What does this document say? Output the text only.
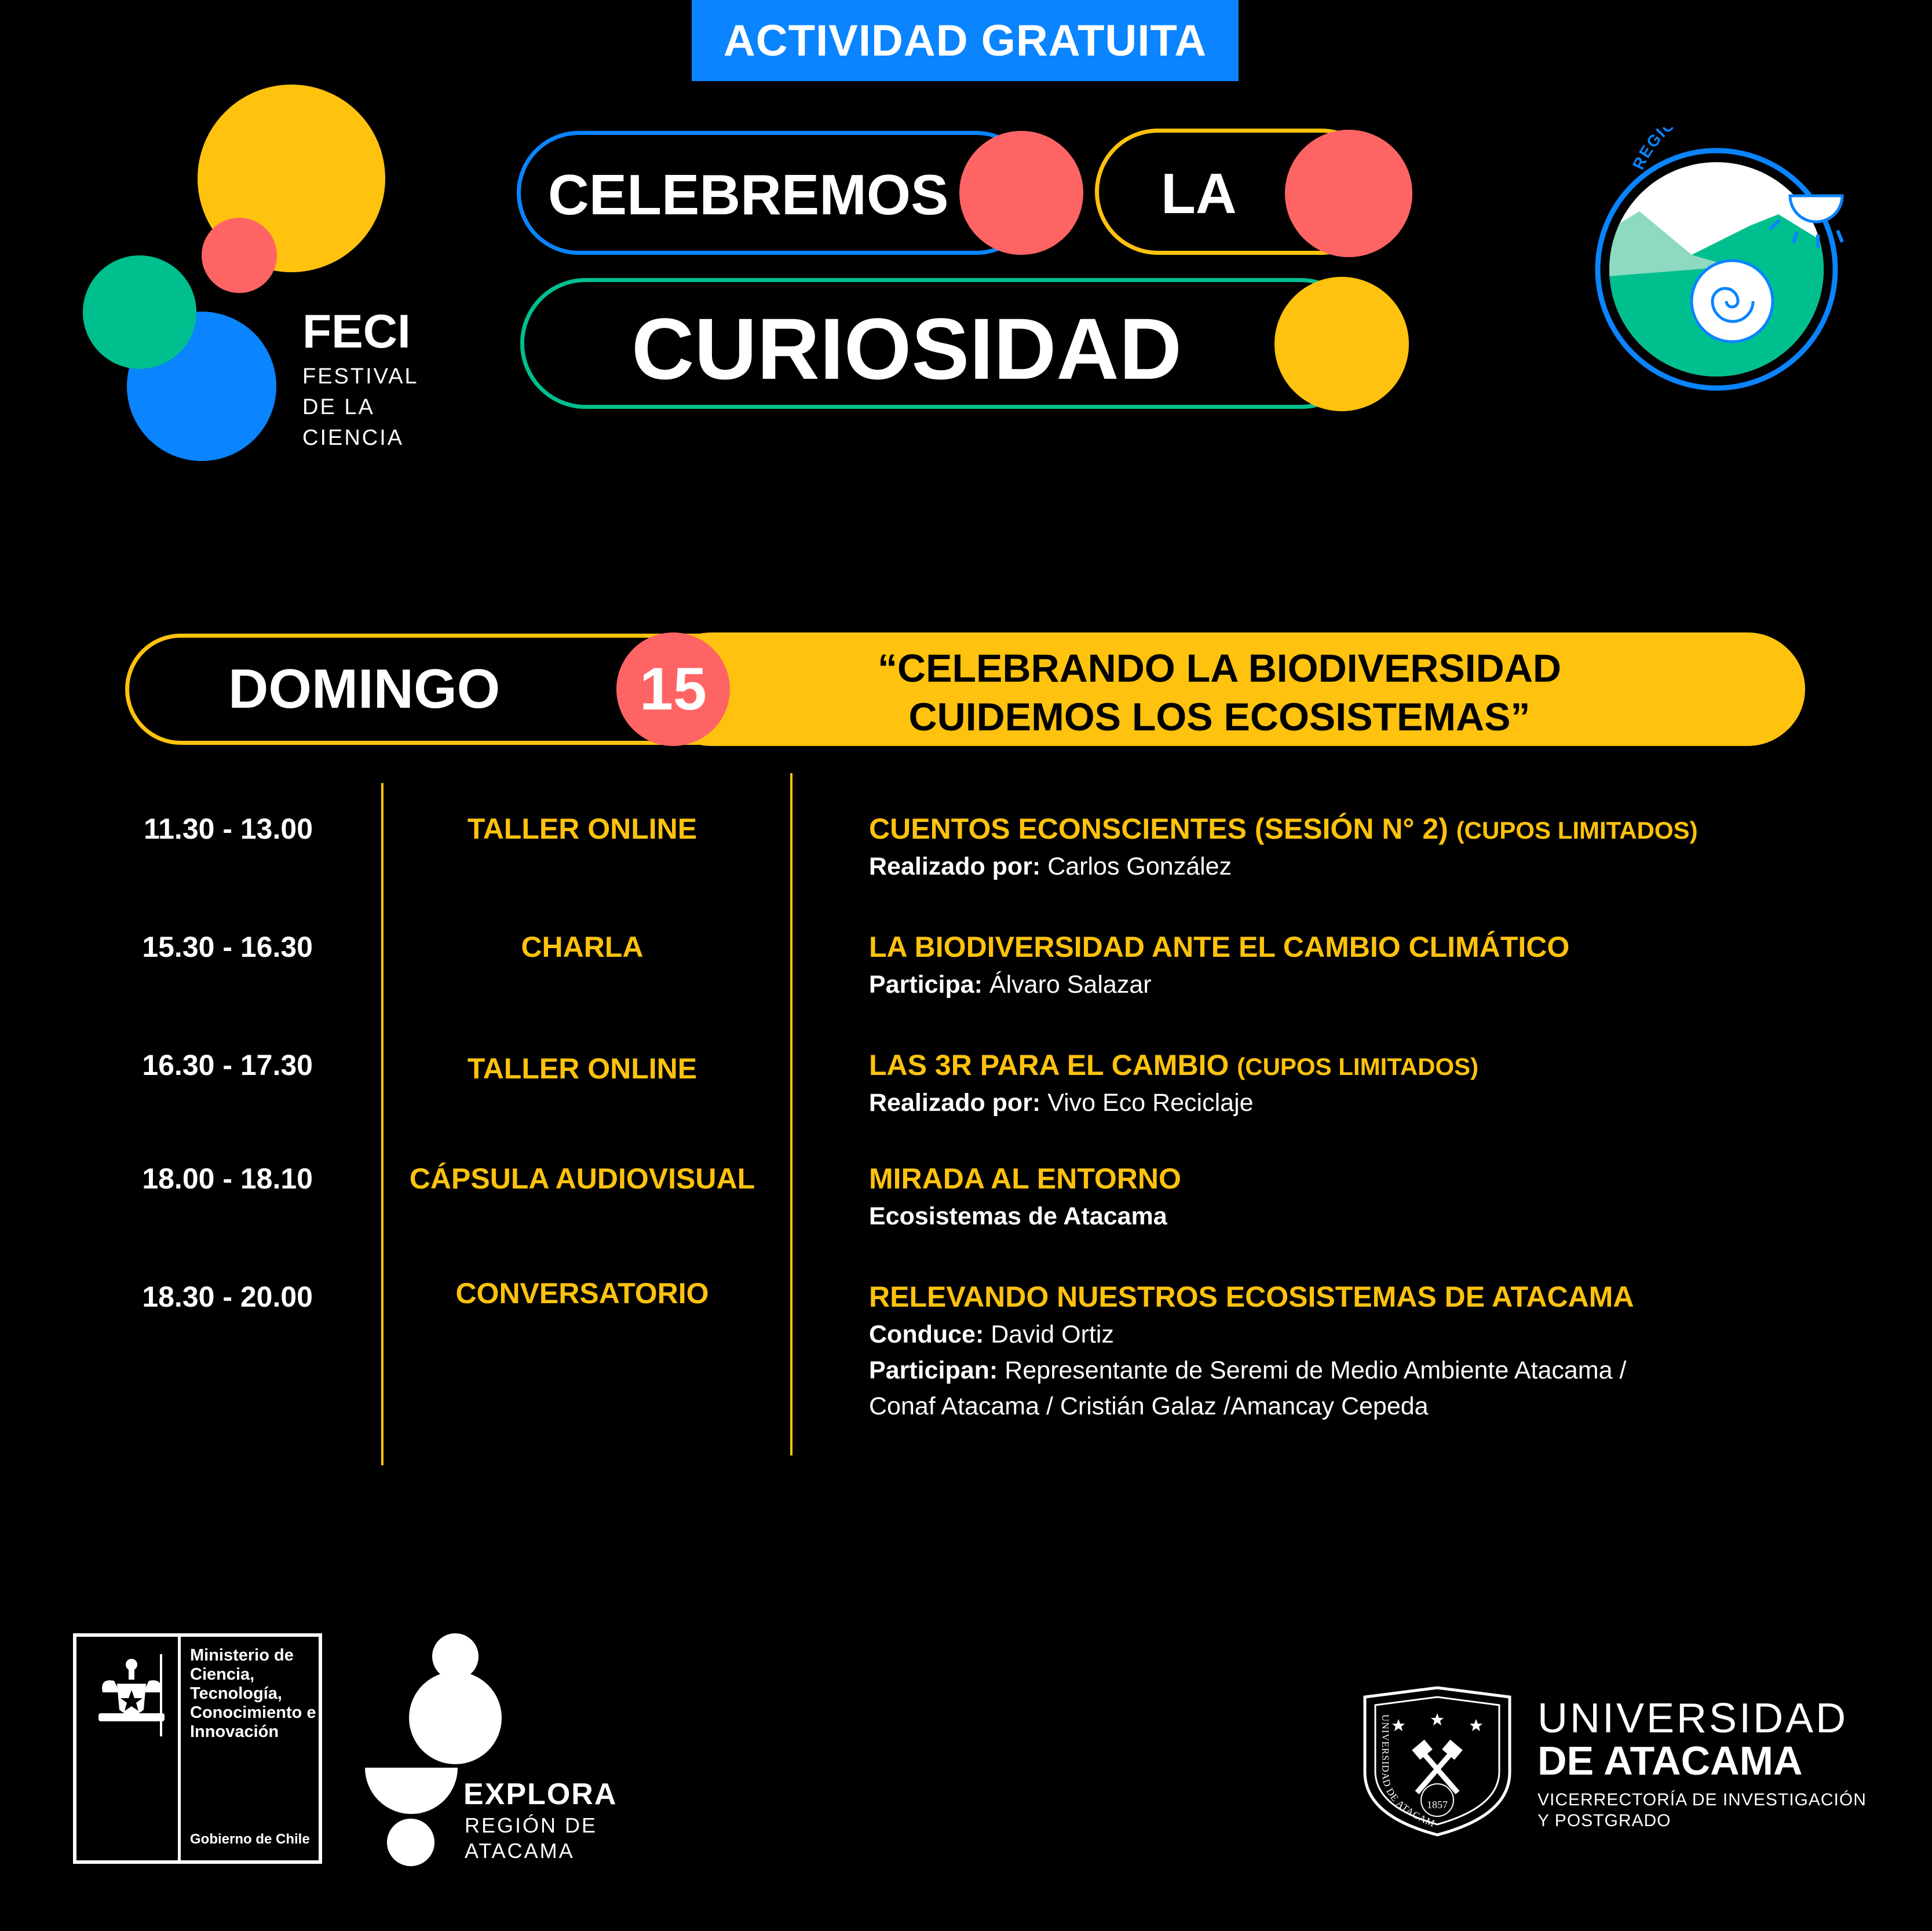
ACTIVIDAD GRATUITA
FECI
FESTIVAL
DE LA
CIENCIA
CELEBREMOS	LA
CURIOSIDAD
REGI
DOMINGO 15	“CELEBRANDO LA BIODIVERSIDAD
CUIDEMOS LOS ECOSISTEMAS”
11.30 - 13.00	TALLER ONLINE	CUENTOS ECONSCIENTES (SESIÓN N° 2) (CUPOS LIMITADOS)
Realizado por: Carlos González
15.30 - 16.30	CHARLA	LA BIODIVERSIDAD ANTE EL CAMBIO CLIMÁTICO
Participa: Álvaro Salazar
16.30 - 17.30	TALLER ONLINE	LAS 3R PARA EL CAMBIO (CUPOS LIMITADOS)
Realizado por: Vivo Eco Reciclaje
18.00 - 18.10	CÁPSULA AUDIOVISUAL	MIRADA AL ENTORNO
Ecosistemas de Atacama
18.30 - 20.00	CONVERSATORIO	RELEVANDO NUESTROS ECOSISTEMAS DE ATACAMA
Conduce: David Ortiz
Participan: Representante de Seremi de Medio Ambiente Atacama /
Conaf Atacama / Cristián Galaz /Amancay Cepeda
Ministerio de Ciencia, Tecnología, Conocimiento e Innovación
Gobierno de Chile
EXPLORA
REGIÓN DE
ATACAMA
1857
UNIVERSIDAD DE ATACAM
UNIVERSIDAD
DE ATACAMA
VICERRECTORÍA DE INVESTIGACIÓN
Y POSTGRADO
